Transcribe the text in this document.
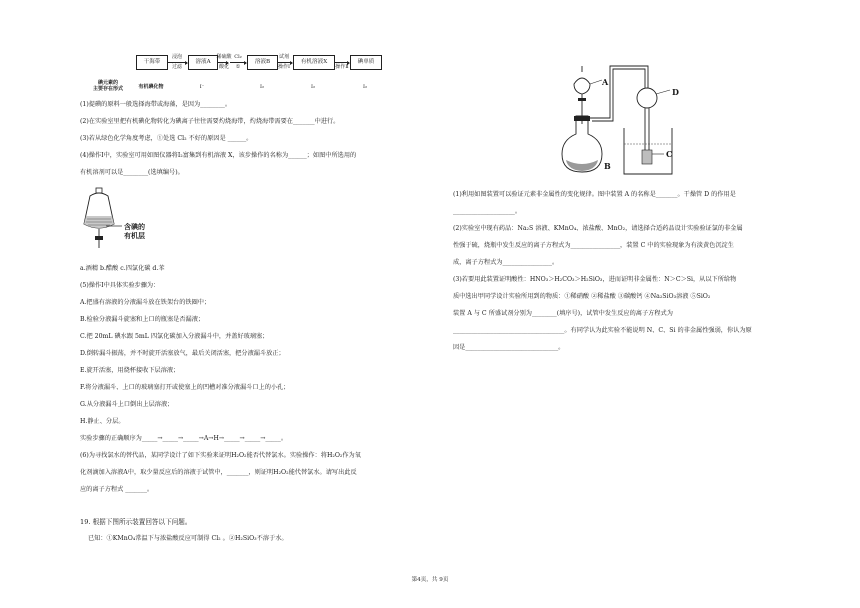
干海带	溶液A	溶液B	有机溶液X	碘单质
浸泡
过滤
稀硫酸
酸化
Cl₂
①
试剂
操作Ⅰ	操作Ⅱ
碘元素的
主要存在形式	有机碘化物	I⁻	I₂	I₂	I₂
(1)提碘的原料一般选择海带或海藻，是因为________。
(2)在实验室里把有机碘化物转化为碘离子往往需要灼烧海带，灼烧海带需要在_______中进行。
(3)若从绿色化学角度考虑，①处选 Cl₂ 不好的原因是 ______。
(4)操作Ⅰ中，实验室可用如图仪器将I₂富集到有机溶液 X，该步操作的名称为______；如图中所选用的
有机溶剂可以是________(选填编号)。
含碘的
有机层
a.酒精 b.醋酸 c.四氯化碳 d.苯
(5)操作Ⅰ中具体实验步骤为：
A.把盛有溶液的分液漏斗放在铁架台的铁圈中；
B.检验分液漏斗旋塞和上口的瓶塞是否漏液；
C.把 20mL 碘水跟 5mL 四氯化碳加入分液漏斗中，并盖好玻璃塞；
D.倒转漏斗振荡，并不时旋开活塞放气，最后关闭活塞，把分液漏斗放正；
E.旋开活塞，用烧杯接收下层溶液；
F.将分液漏斗、上口的玻璃塞打开或使塞上的凹槽对准分液漏斗口上的小孔；
G.从分液漏斗上口倒出上层溶液；
H.静止、分层。
实验步骤的正确顺序为_____→_____→_____→A→H→_____→_____→_____。
(6)为寻找氯水的替代品，某同学设计了如下实验来证明H₂O₂能否代替氯水。实验操作：将H₂O₂作为氧
化剂滴加入溶液A中，取少量反应后的溶液于试管中，_______，则证明H₂O₂能代替氯水。请写出此反
应的离子方程式 _______。
19. 根据下图所示装置回答以下问题。
已知：①KMnO₄常温下与浓盐酸反应可制得 Cl₂ 。②H₂SiO₃不溶于水。
A
B
C
D
(1)利用如图装置可以验证元素非金属性的变化规律。图中装置 A 的名称是_______。干燥管 D 的作用是
____________________。
(2)实验室中现有药品：Na₂S 溶液、KMnO₄、浓盐酸、MnO₂，请选择合适药品设计实验验证氯的非金属
性强于硫，烧瓶中发生反应的离子方程式为________________，装置 C 中的实验现象为有淡黄色沉淀生
成，离子方程式为________________。
(3)若要用此装置证明酸性：HNO₃＞H₂CO₃＞H₂SiO₃，进而证明非金属性：N＞C＞Si，从以下所给物
质中选出甲同学设计实验所用到的物质：①稀硝酸 ②稀盐酸 ③碳酸钙 ④Na₂SiO₃溶液 ⑤SiO₂
装置 A 与 C 所盛试剂分别为________(填序号)，试管中发生反应的离子方程式为
____________________________________。有同学认为此实验不能说明 N、C、Si 的非金属性强弱，你认为原
因是______________________________。
第4页，共 9页
